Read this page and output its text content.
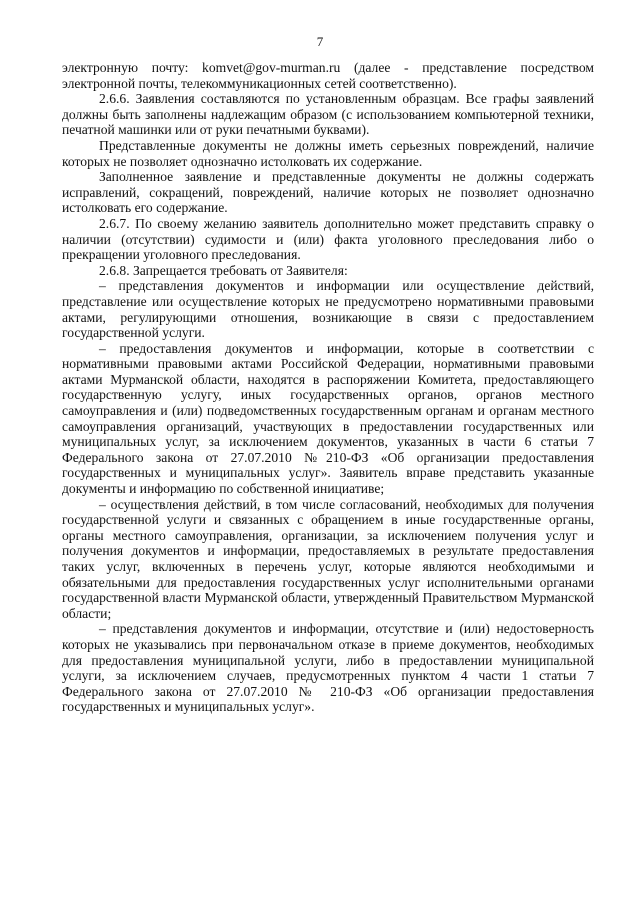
7

электронную почту: komvet@gov-murman.ru (далее - представление посредством электронной почты, телекоммуникационных сетей соответственно).

2.6.6. Заявления составляются по установленным образцам. Все графы заявлений должны быть заполнены надлежащим образом (с использованием компьютерной техники, печатной машинки или от руки печатными буквами).

Представленные документы не должны иметь серьезных повреждений, наличие которых не позволяет однозначно истолковать их содержание.

Заполненное заявление и представленные документы не должны содержать исправлений, сокращений, повреждений, наличие которых не позволяет однозначно истолковать его содержание.

2.6.7. По своему желанию заявитель дополнительно может представить справку о наличии (отсутствии) судимости и (или) факта уголовного преследования либо о прекращении уголовного преследования.

2.6.8. Запрещается требовать от Заявителя:

– представления документов и информации или осуществление действий, представление или осуществление которых не предусмотрено нормативными правовыми актами, регулирующими отношения, возникающие в связи с предоставлением государственной услуги.

– предоставления документов и информации, которые в соответствии с нормативными правовыми актами Российской Федерации, нормативными правовыми актами Мурманской области, находятся в распоряжении Комитета, предоставляющего государственную услугу, иных государственных органов, органов местного самоуправления и (или) подведомственных государственным органам и органам местного самоуправления организаций, участвующих в предоставлении государственных или муниципальных услуг, за исключением документов, указанных в части 6 статьи 7 Федерального закона от 27.07.2010 №210-ФЗ «Об организации предоставления государственных и муниципальных услуг». Заявитель вправе представить указанные документы и информацию по собственной инициативе;

– осуществления действий, в том числе согласований, необходимых для получения государственной услуги и связанных с обращением в иные государственные органы, органы местного самоуправления, организации, за исключением получения услуг и получения документов и информации, предоставляемых в результате предоставления таких услуг, включенных в перечень услуг, которые являются необходимыми и обязательными для предоставления государственных услуг исполнительными органами государственной власти Мурманской области, утвержденный Правительством Мурманской области;

– представления документов и информации, отсутствие и (или) недостоверность которых не указывались при первоначальном отказе в приеме документов, необходимых для предоставления муниципальной услуги, либо в предоставлении муниципальной услуги, за исключением случаев, предусмотренных пунктом 4 части 1 статьи 7 Федерального закона от 27.07.2010 № 210-ФЗ «Об организации предоставления государственных и муниципальных услуг».
